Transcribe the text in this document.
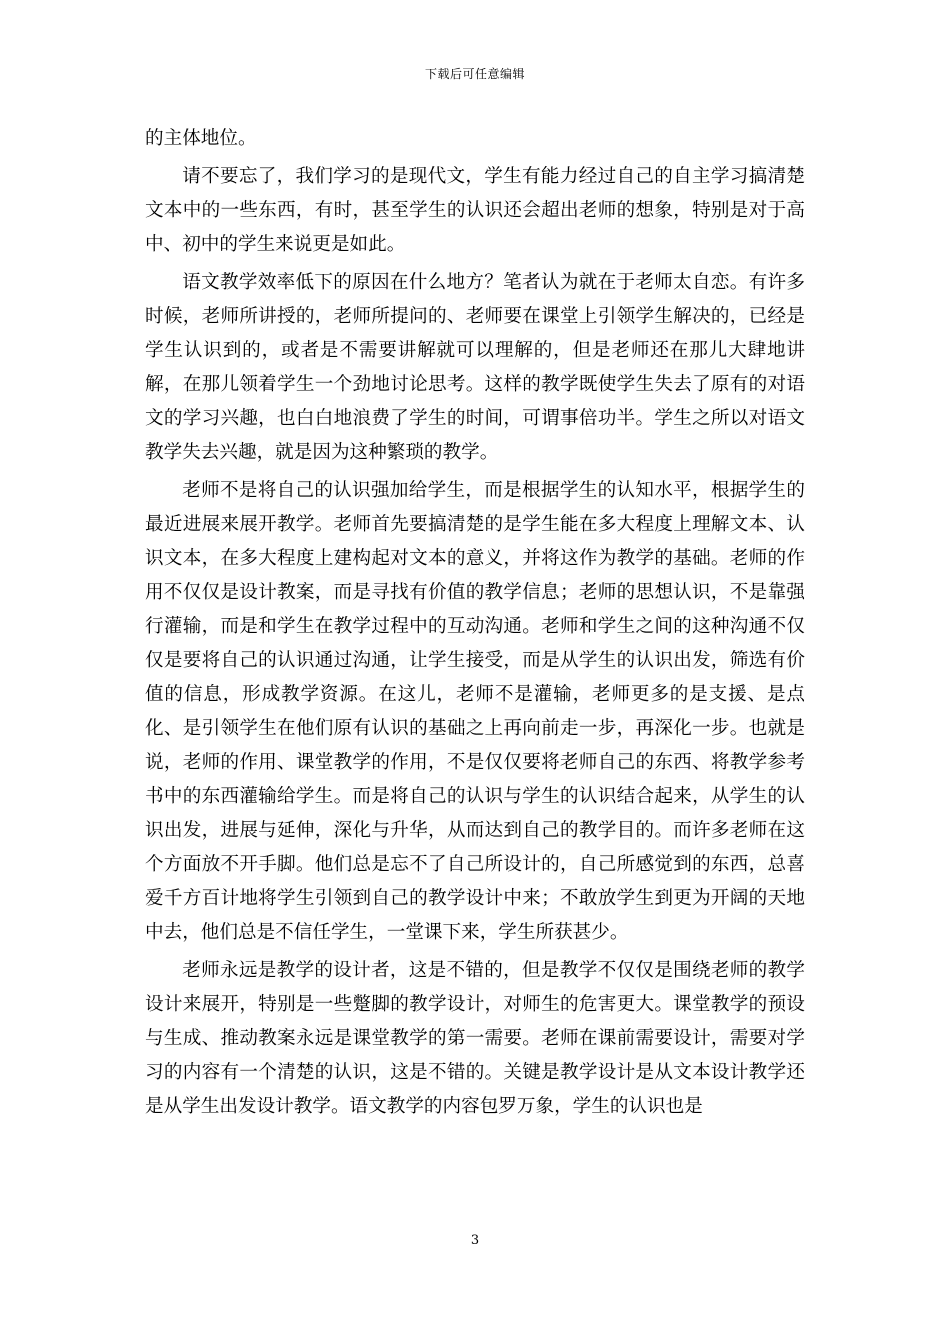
下载后可任意编辑

的主体地位。

请不要忘了，我们学习的是现代文，学生有能力经过自己的自主学习搞清楚文本中的一些东西，有时，甚至学生的认识还会超出老师的想象，特别是对于高中、初中的学生来说更是如此。

语文教学效率低下的原因在什么地方？笔者认为就在于老师太自恋。有许多时候，老师所讲授的，老师所提问的、老师要在课堂上引领学生解决的，已经是学生认识到的，或者是不需要讲解就可以理解的，但是老师还在那儿大肆地讲解，在那儿领着学生一个劲地讨论思考。这样的教学既使学生失去了原有的对语文的学习兴趣，也白白地浪费了学生的时间，可谓事倍功半。学生之所以对语文教学失去兴趣，就是因为这种繁琐的教学。

老师不是将自己的认识强加给学生，而是根据学生的认知水平，根据学生的最近进展来展开教学。老师首先要搞清楚的是学生能在多大程度上理解文本、认识文本，在多大程度上建构起对文本的意义，并将这作为教学的基础。老师的作用不仅仅是设计教案，而是寻找有价值的教学信息；老师的思想认识，不是靠强行灌输，而是和学生在教学过程中的互动沟通。老师和学生之间的这种沟通不仅仅是要将自己的认识通过沟通，让学生接受，而是从学生的认识出发，筛选有价值的信息，形成教学资源。在这儿，老师不是灌输，老师更多的是支援、是点化、是引领学生在他们原有认识的基础之上再向前走一步，再深化一步。也就是说，老师的作用、课堂教学的作用，不是仅仅要将老师自己的东西、将教学参考书中的东西灌输给学生。而是将自己的认识与学生的认识结合起来，从学生的认识出发，进展与延伸，深化与升华，从而达到自己的教学目的。而许多老师在这个方面放不开手脚。他们总是忘不了自己所设计的，自己所感觉到的东西，总喜爱千方百计地将学生引领到自己的教学设计中来；不敢放学生到更为开阔的天地中去，他们总是不信任学生，一堂课下来，学生所获甚少。

老师永远是教学的设计者，这是不错的，但是教学不仅仅是围绕老师的教学设计来展开，特别是一些蹩脚的教学设计，对师生的危害更大。课堂教学的预设与生成、推动教案永远是课堂教学的第一需要。老师在课前需要设计，需要对学习的内容有一个清楚的认识，这是不错的。关键是教学设计是从文本设计教学还是从学生出发设计教学。语文教学的内容包罗万象，学生的认识也是

3
